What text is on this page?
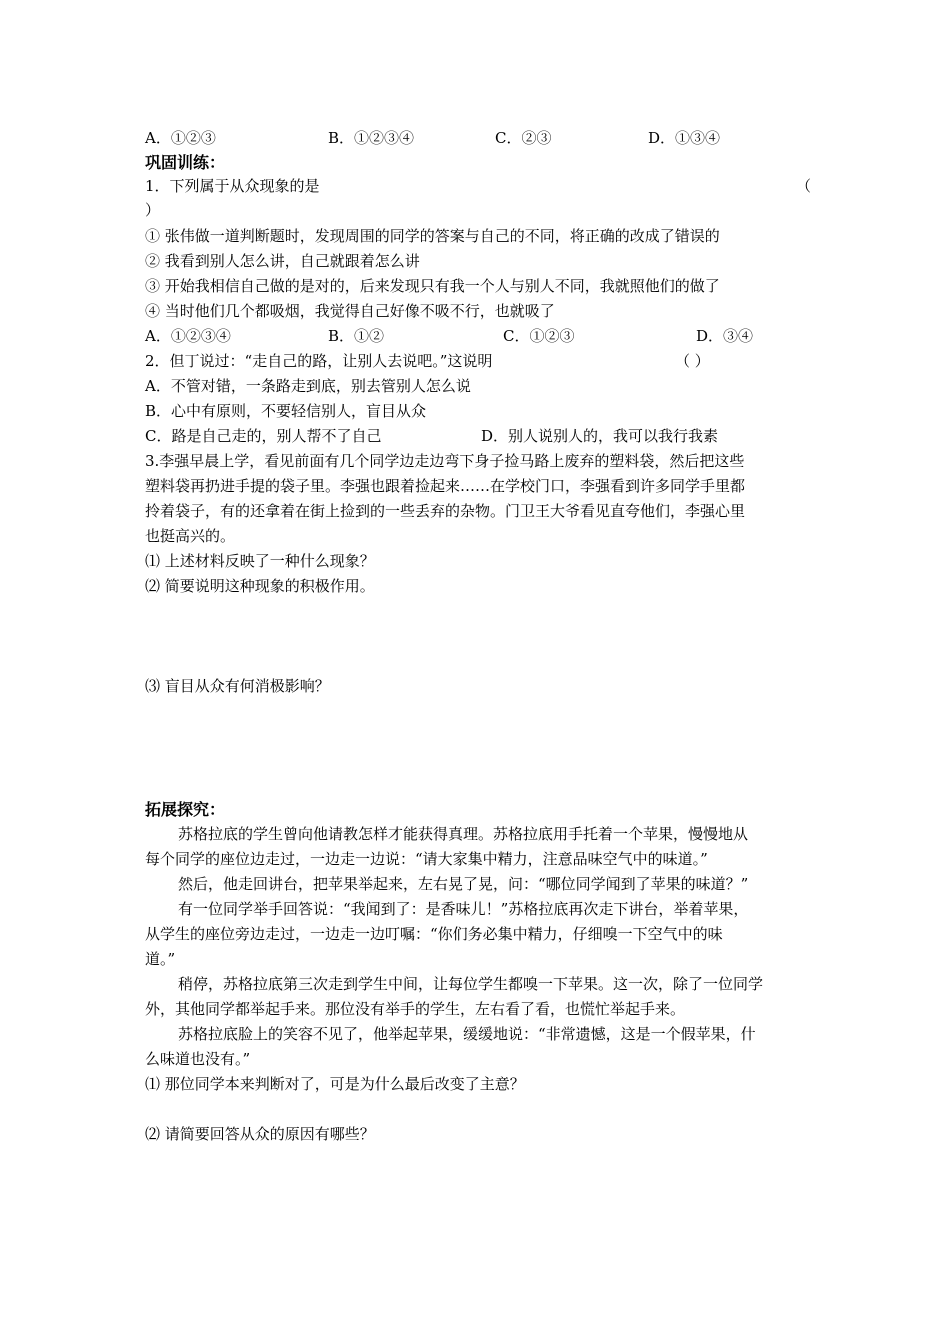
A．①②③	B．①②③④	C．②③	D．①③④
巩固训练：
1．下列属于从众现象的是	（
）
① 张伟做一道判断题时，发现周围的同学的答案与自己的不同，将正确的改成了错误的
② 我看到别人怎么讲，自己就跟着怎么讲
③ 开始我相信自己做的是对的，后来发现只有我一个人与别人不同，我就照他们的做了
④ 当时他们几个都吸烟，我觉得自己好像不吸不行，也就吸了
A．①②③④	B．①②	C．①②③	D．③④
2．但丁说过：“走自己的路，让别人去说吧。”这说明	（ ）
A．不管对错，一条路走到底，别去管别人怎么说
B．心中有原则，不要轻信别人，盲目从众
C．路是自己走的，别人帮不了自己	D．别人说别人的，我可以我行我素
3.李强早晨上学，看见前面有几个同学边走边弯下身子捡马路上废弃的塑料袋，然后把这些
塑料袋再扔进手提的袋子里。李强也跟着捡起来……在学校门口，李强看到许多同学手里都
拎着袋子，有的还拿着在街上捡到的一些丢弃的杂物。门卫王大爷看见直夸他们，李强心里
也挺高兴的。
⑴ 上述材料反映了一种什么现象？
⑵ 简要说明这种现象的积极作用。
⑶ 盲目从众有何消极影响？
拓展探究：
苏格拉底的学生曾向他请教怎样才能获得真理。苏格拉底用手托着一个苹果，慢慢地从
每个同学的座位边走过，一边走一边说：“请大家集中精力，注意品味空气中的味道。”
然后，他走回讲台，把苹果举起来，左右晃了晃，问：“哪位同学闻到了苹果的味道？”
有一位同学举手回答说：“我闻到了：是香味儿！”苏格拉底再次走下讲台，举着苹果，
从学生的座位旁边走过，一边走一边叮嘱：“你们务必集中精力，仔细嗅一下空气中的味
道。”
稍停，苏格拉底第三次走到学生中间，让每位学生都嗅一下苹果。这一次，除了一位同学
外，其他同学都举起手来。那位没有举手的学生，左右看了看，也慌忙举起手来。
苏格拉底脸上的笑容不见了，他举起苹果，缓缓地说：“非常遗憾，这是一个假苹果，什
么味道也没有。”
⑴ 那位同学本来判断对了，可是为什么最后改变了主意？
⑵ 请简要回答从众的原因有哪些？
